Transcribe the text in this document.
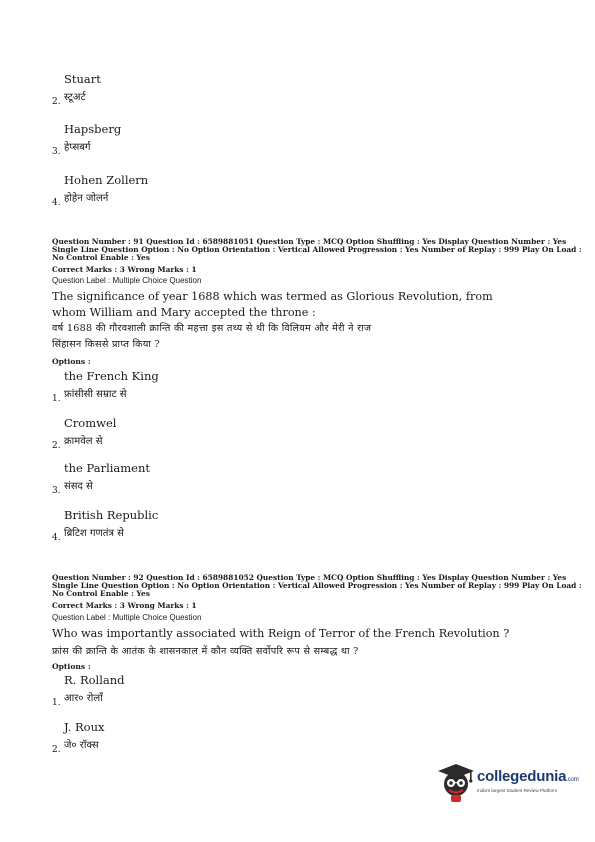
Stuart
2. स्टूअर्ट
Hapsberg
3. हेप्सबर्ग
Hohen Zollern
4. होहेन जोलर्न
Question Number : 91 Question Id : 6589881051 Question Type : MCQ Option Shuffling : Yes Display Question Number : Yes
Single Line Question Option : No Option Orientation : Vertical Allowed Progression : Yes Number of Replay : 999 Play On Load :
No Control Enable : Yes
Correct Marks : 3 Wrong Marks : 1
Question Label : Multiple Choice Question
The significance of year 1688 which was termed as Glorious Revolution, from
whom William and Mary accepted the throne :
वर्ष 1688 की गौरवशाली क्रान्ति की महत्ता इस तथ्य से थी कि विलियम और मेरी ने राज
सिंहासन किससे प्राप्त किया ?
Options :
the French King
1. फ्रांसीसी सम्राट से
Cromwel
2. क्रामवेल से
the Parliament
3. संसद से
British Republic
4. ब्रिटिश गणतंत्र से
Question Number : 92 Question Id : 6589881052 Question Type : MCQ Option Shuffling : Yes Display Question Number : Yes
Single Line Question Option : No Option Orientation : Vertical Allowed Progression : Yes Number of Replay : 999 Play On Load :
No Control Enable : Yes
Correct Marks : 3 Wrong Marks : 1
Question Label : Multiple Choice Question
Who was importantly associated with Reign of Terror of the French Revolution ?
फ्रांस की क्रान्ति के आतंक के शासनकाल में कौन व्यक्ति सर्वोपरि रूप से सम्बद्ध था ?
Options :
R. Rolland
1. आर० रोलाँ
J. Roux
2. जे० रॉक्स
collegedunia.com
India's largest Student Review Platform
